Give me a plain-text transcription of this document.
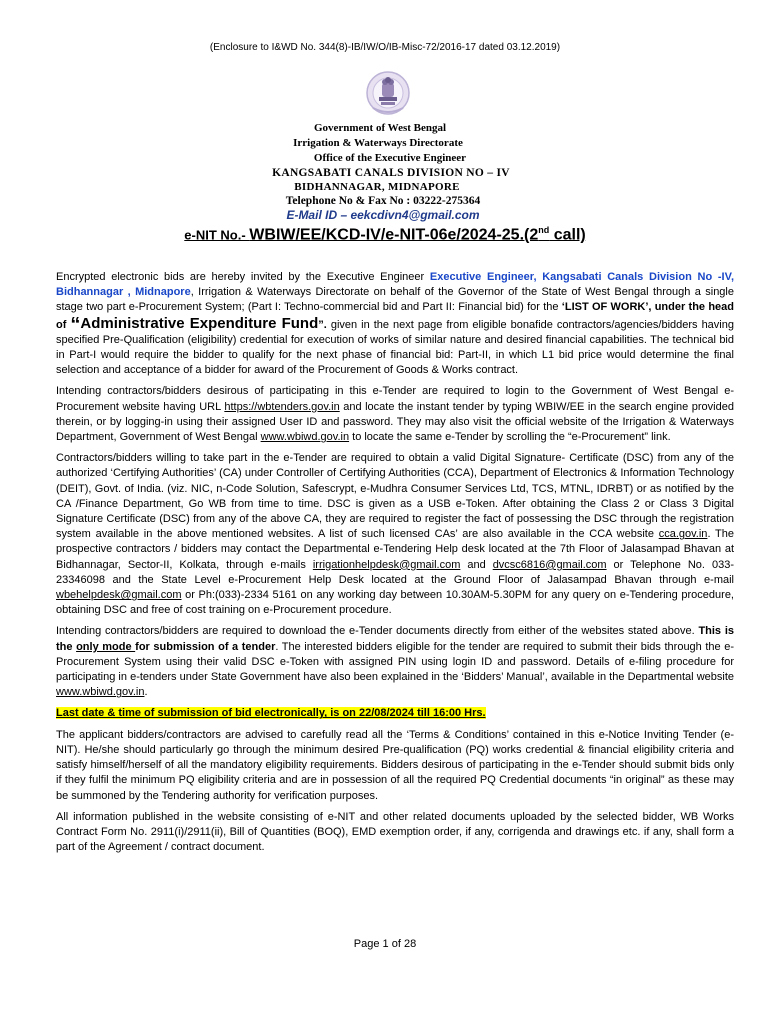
(Enclosure to I&WD No. 344(8)-IB/IW/O/IB-Misc-72/2016-17 dated 03.12.2019)
Government of West Bengal
Irrigation & Waterways Directorate
Office of the Executive Engineer
KANGSABATI CANALS DIVISION NO – IV
BIDHANNAGAR, MIDNAPORE
Telephone No & Fax No : 03222-275364
E-Mail ID – eekcdivn4@gmail.com
e-NIT No.- WBIW/EE/KCD-IV/e-NIT-06e/2024-25.(2nd call)

Encrypted electronic bids are hereby invited by the Executive Engineer Executive Engineer, Kangsabati Canals Division No -IV, Bidhannagar , Midnapore, Irrigation & Waterways Directorate on behalf of the Governor of the State of West Bengal through a single stage two part e-Procurement System; (Part I: Techno-commercial bid and Part II: Financial bid) for the ‘LIST OF WORK’, under the head of “Administrative Expenditure Fund”. given in the next page from eligible bonafide contractors/agencies/bidders having specified Pre-Qualification (eligibility) credential for execution of works of similar nature and desired financial capabilities. The technical bid in Part-I would require the bidder to qualify for the next phase of financial bid: Part-II, in which L1 bid price would determine the final selection and acceptance of a bidder for award of the Procurement of Goods & Works contract.

Intending contractors/bidders desirous of participating in this e-Tender are required to login to the Government of West Bengal e-Procurement website having URL https://wbtenders.gov.in and locate the instant tender by typing WBIW/EE in the search engine provided therein, or by logging-in using their assigned User ID and password. They may also visit the official website of the Irrigation & Waterways Department, Government of West Bengal www.wbiwd.gov.in to locate the same e-Tender by scrolling the “e-Procurement” link.

Contractors/bidders willing to take part in the e-Tender are required to obtain a valid Digital Signature- Certificate (DSC) from any of the authorized ‘Certifying Authorities’ (CA) under Controller of Certifying Authorities (CCA), Department of Electronics & Information Technology (DEIT), Govt. of India. (viz. NIC, n-Code Solution, Safescrypt, e-Mudhra Consumer Services Ltd, TCS, MTNL, IDRBT) or as notified by the CA /Finance Department, Go WB from time to time. DSC is given as a USB e-Token. After obtaining the Class 2 or Class 3 Digital Signature Certificate (DSC) from any of the above CA, they are required to register the fact of possessing the DSC through the registration system available in the above mentioned websites. A list of such licensed CAs’ are also available in the CCA website cca.gov.in. The prospective contractors / bidders may contact the Departmental e-Tendering Help desk located at the 7th Floor of Jalasampad Bhavan at Bidhannagar, Sector-II, Kolkata, through e-mails irrigationhelpdesk@gmail.com and dvcsc6816@gmail.com or Telephone No. 033-23346098 and the State Level e-Procurement Help Desk located at the Ground Floor of Jalasampad Bhavan through e-mail wbehelpdesk@gmail.com or Ph:(033)-2334 5161 on any working day between 10.30AM-5.30PM for any query on e-Tendering procedure, obtaining DSC and free of cost training on e-Procurement procedure.

Intending contractors/bidders are required to download the e-Tender documents directly from either of the websites stated above. This is the only mode for submission of a tender. The interested bidders eligible for the tender are required to submit their bids through the e-Procurement System using their valid DSC e-Token with assigned PIN using login ID and password. Details of e-filing procedure for participating in e-tenders under State Government have also been explained in the ‘Bidders’ Manual’, available in the Departmental website www.wbiwd.gov.in.

Last date & time of submission of bid electronically, is on 22/08/2024 till 16:00 Hrs.

The applicant bidders/contractors are advised to carefully read all the ‘Terms & Conditions’ contained in this e-Notice Inviting Tender (e-NIT). He/she should particularly go through the minimum desired Pre-qualification (PQ) works credential & financial eligibility criteria and satisfy himself/herself of all the mandatory eligibility requirements. Bidders desirous of participating in the e-Tender should submit bids only if they fulfil the minimum PQ eligibility criteria and are in possession of all the required PQ Credential documents “in original” as these may be summoned by the Tendering authority for verification purposes.

All information published in the website consisting of e-NIT and other related documents uploaded by the selected bidder, WB Works Contract Form No. 2911(i)/2911(ii), Bill of Quantities (BOQ), EMD exemption order, if any, corrigenda and drawings etc. if any, shall form a part of the Agreement / contract document.

Page 1 of 28
